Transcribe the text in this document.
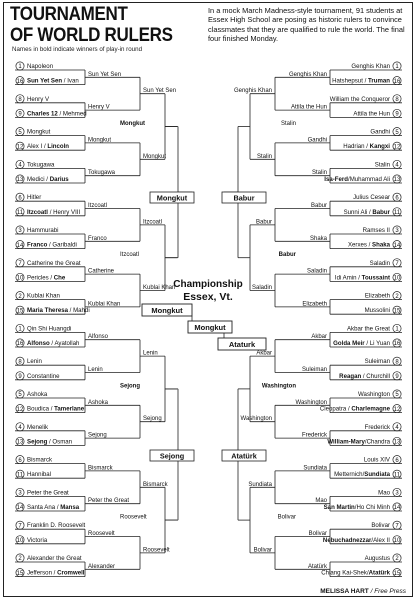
TOURNAMENT
OF WORLD RULERS
Names in bold indicate winners of play-in round
In a mock March Madness-style tournament, 91 students at Essex High School are posing as historic rulers to convince classmates that they are qualified to rule the world. The final four finished Monday.
1
16
Napoleon
Sun Yet Sen / Ivan
Sun Yet Sen
8
9
Henry V
Charles 12 / Mehmed
Henry V
5
12
Mongkut
Alex I / Lincoln
Mongkut
4
13
Tokugawa
Medici / Darius
Tokugawa
6
11
Hitler
Itzcoatl / Henry VIII
Itzcoatl
3
14
Hammurabi
Franco / Garibaldi
Franco
7
10
Catherine the Great
Pericles / Che
Catherine
2
15
Kublai Khan
Maria Theresa / Mahdi
Kublai Khan
1
16
Qin Shi Huangdi
Alfonso / Ayatollah
Alfonso
8
9
Lenin
Constantine
Lenin
5
12
Ashoka
Boudica / Tamerlane
Ashoka
4
13
Menelik
Sejong / Osman
Sejong
6
11
Bismarck
Hannibal
Bismarck
3
14
Peter the Great
Santa Ana / Mansa
Peter the Great
7
10
Franklin D. Roosevelt
Victoria
Roosevelt
2
15
Alexander the Great
Jefferson / Cromwell
Alexander
Sun Yet Sen
Mongkut
Itzcoatl
Kublai Khan
Lenin
Sejong
Bismarck
Roosevelt
Mongkut
Itzcoatl
Sejong
Roosevelt
Mongkut
Sejong
1
16
Genghis Khan
Hatshepsut / Truman
Genghis Khan
8
9
William the Conqueror
Attila the Hun
Attila the Hun
5
12
Gandhi
Hadrian / Kangxi
Gandhi
4
13
Stalin
Isa-Ferd/Muhammad Ali
Stalin
6
11
Julius Cesear
Sunni Ali / Babur
Babur
3
14
Ramses II
Xerxes / Shaka
Shaka
7
10
Saladin
Idi Amin / Toussaint
Saladin
2
15
Elizabeth
Mussolini
Elizabeth
1
16
Akbar the Great
Golda Meir / Li Yuan
Akbar
8
9
Suleiman
Reagan / Churchill
Suleiman
5
12
Washington
Cleopatra / Charlemagne
Washington
4
13
Frederick
William-Mary/Chandra
Frederick
6
11
Louis XIV
Metternich/Sundiata
Sundiata
3
14
Mao
San Martin/Ho Chi Minh
Mao
7
10
Bolivar
Nebuchadnezzar/Alex II
Bolivar
2
15
Augustus
Chiang Kai-Shek/Atatürk
Atatürk
Genghis Khan
Stalin
Babur
Saladin
Akbar
Washington
Sundiata
Bolivar
Stalin
Babur
Washington
Bolivar
Babur
Atatürk
Championship
Essex, Vt.
Mongkut
Ataturk
Mongkut
MELISSA HART / Free Press
